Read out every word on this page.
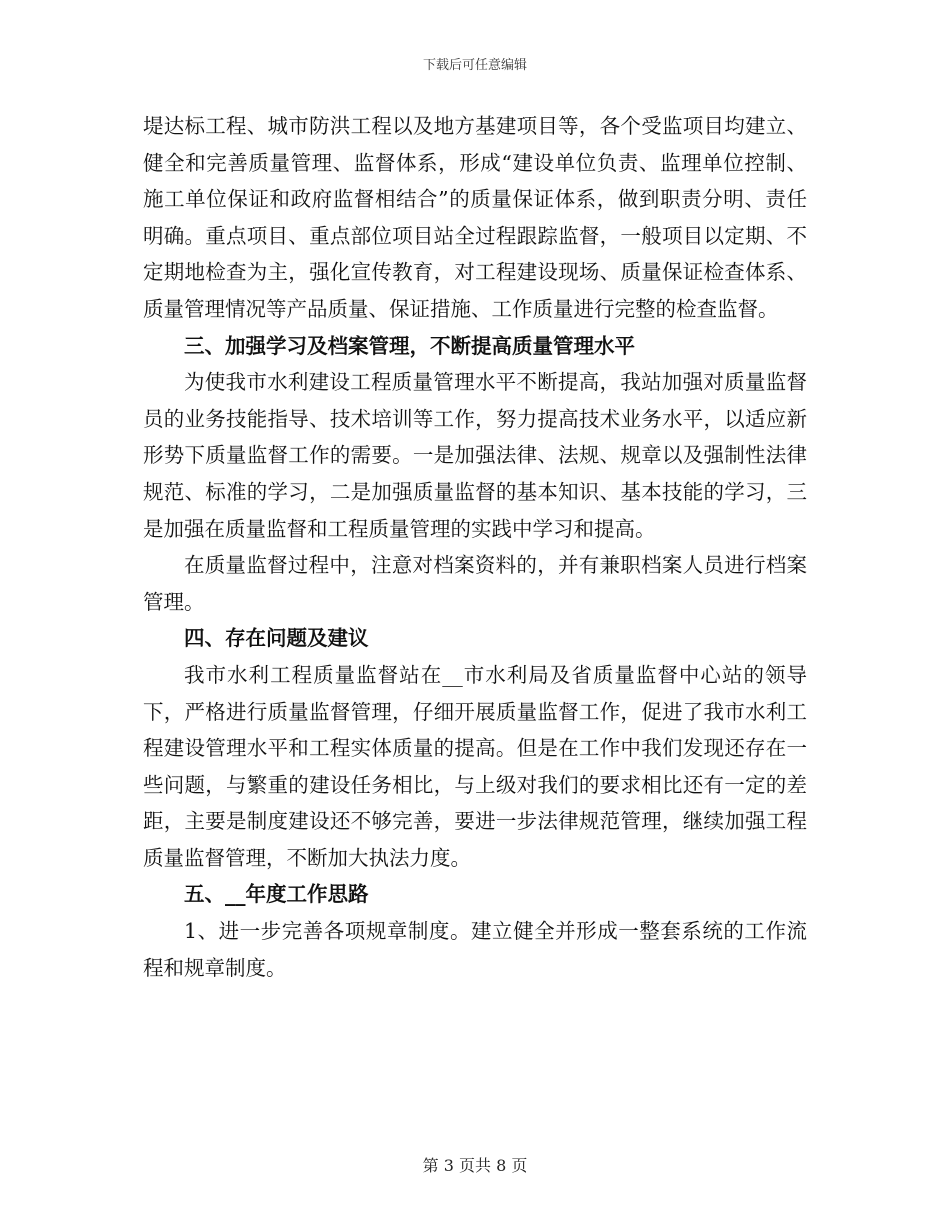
下载后可任意编辑

堤达标工程、城市防洪工程以及地方基建项目等，各个受监项目均建立、健全和完善质量管理、监督体系，形成“建设单位负责、监理单位控制、施工单位保证和政府监督相结合”的质量保证体系，做到职责分明、责任明确。重点项目、重点部位项目站全过程跟踪监督，一般项目以定期、不定期地检查为主，强化宣传教育，对工程建设现场、质量保证检查体系、质量管理情况等产品质量、保证措施、工作质量进行完整的检查监督。

三、加强学习及档案管理，不断提高质量管理水平

为使我市水利建设工程质量管理水平不断提高，我站加强对质量监督员的业务技能指导、技术培训等工作，努力提高技术业务水平，以适应新形势下质量监督工作的需要。一是加强法律、法规、规章以及强制性法律规范、标准的学习，二是加强质量监督的基本知识、基本技能的学习，三是加强在质量监督和工程质量管理的实践中学习和提高。

在质量监督过程中，注意对档案资料的，并有兼职档案人员进行档案管理。

四、存在问题及建议

我市水利工程质量监督站在__市水利局及省质量监督中心站的领导下，严格进行质量监督管理，仔细开展质量监督工作，促进了我市水利工程建设管理水平和工程实体质量的提高。但是在工作中我们发现还存在一些问题，与繁重的建设任务相比，与上级对我们的要求相比还有一定的差距，主要是制度建设还不够完善，要进一步法律规范管理，继续加强工程质量监督管理，不断加大执法力度。

五、__年度工作思路

1、进一步完善各项规章制度。建立健全并形成一整套系统的工作流程和规章制度。

第 3 页共 8 页
